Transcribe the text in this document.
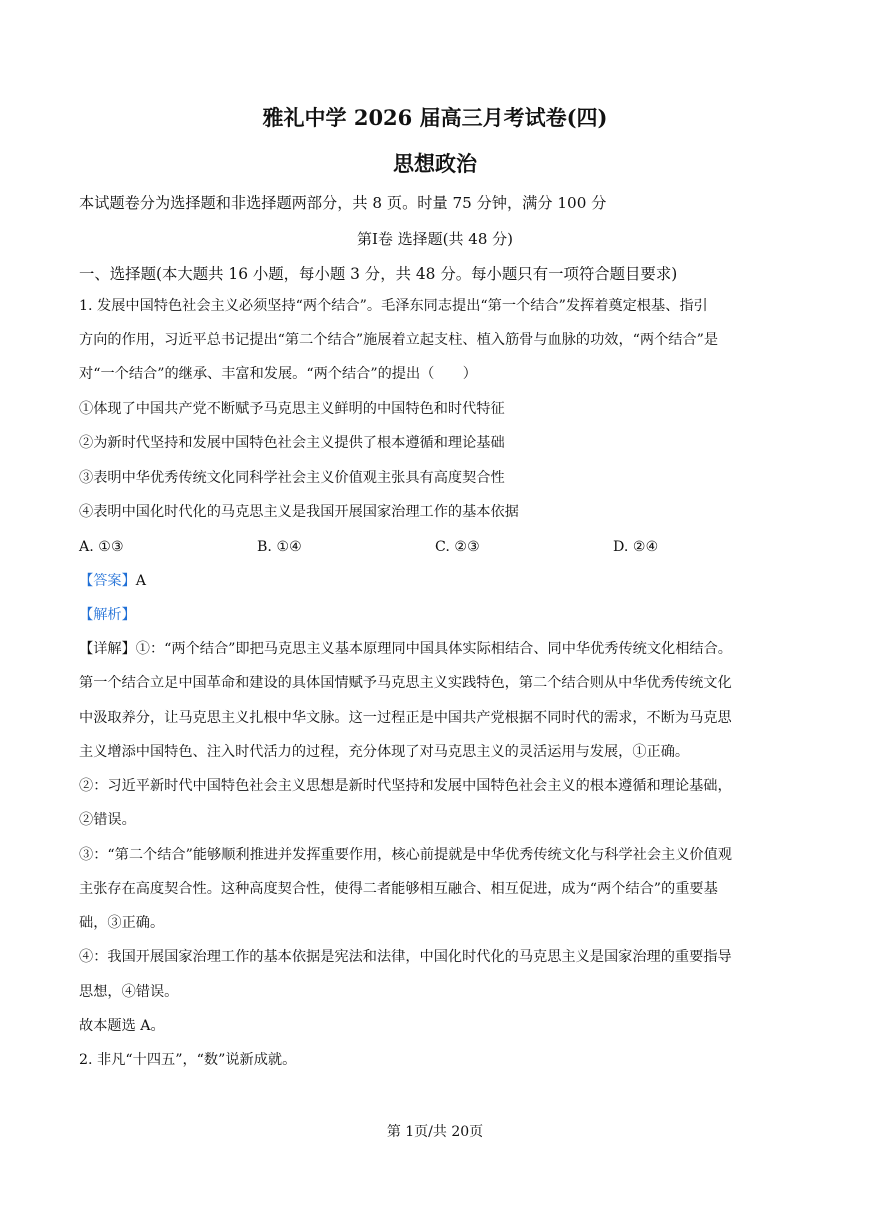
雅礼中学 2026 届高三月考试卷(四)
思想政治
本试题卷分为选择题和非选择题两部分，共 8 页。时量 75 分钟，满分 100 分
第Ⅰ卷 选择题(共 48 分)
一、选择题(本大题共 16 小题，每小题 3 分，共 48 分。每小题只有一项符合题目要求)
1. 发展中国特色社会主义必须坚持“两个结合”。毛泽东同志提出“第一个结合”发挥着奠定根基、指引
方向的作用，习近平总书记提出“第二个结合”施展着立起支柱、植入筋骨与血脉的功效，“两个结合”是
对“一个结合”的继承、丰富和发展。“两个结合”的提出（　　）
①体现了中国共产党不断赋予马克思主义鲜明的中国特色和时代特征
②为新时代坚持和发展中国特色社会主义提供了根本遵循和理论基础
③表明中华优秀传统文化同科学社会主义价值观主张具有高度契合性
④表明中国化时代化的马克思主义是我国开展国家治理工作的基本依据
A. ①③	B. ①④	C. ②③	D. ②④
【答案】A
【解析】
【详解】①：“两个结合”即把马克思主义基本原理同中国具体实际相结合、同中华优秀传统文化相结合。
第一个结合立足中国革命和建设的具体国情赋予马克思主义实践特色，第二个结合则从中华优秀传统文化
中汲取养分，让马克思主义扎根中华文脉。这一过程正是中国共产党根据不同时代的需求，不断为马克思
主义增添中国特色、注入时代活力的过程，充分体现了对马克思主义的灵活运用与发展，①正确。
②：习近平新时代中国特色社会主义思想是新时代坚持和发展中国特色社会主义的根本遵循和理论基础，
②错误。
③：“第二个结合”能够顺利推进并发挥重要作用，核心前提就是中华优秀传统文化与科学社会主义价值观
主张存在高度契合性。这种高度契合性，使得二者能够相互融合、相互促进，成为“两个结合”的重要基
础，③正确。
④：我国开展国家治理工作的基本依据是宪法和法律，中国化时代化的马克思主义是国家治理的重要指导
思想，④错误。
故本题选 A。
2. 非凡“十四五”，“数”说新成就。
第 1页/共 20页
